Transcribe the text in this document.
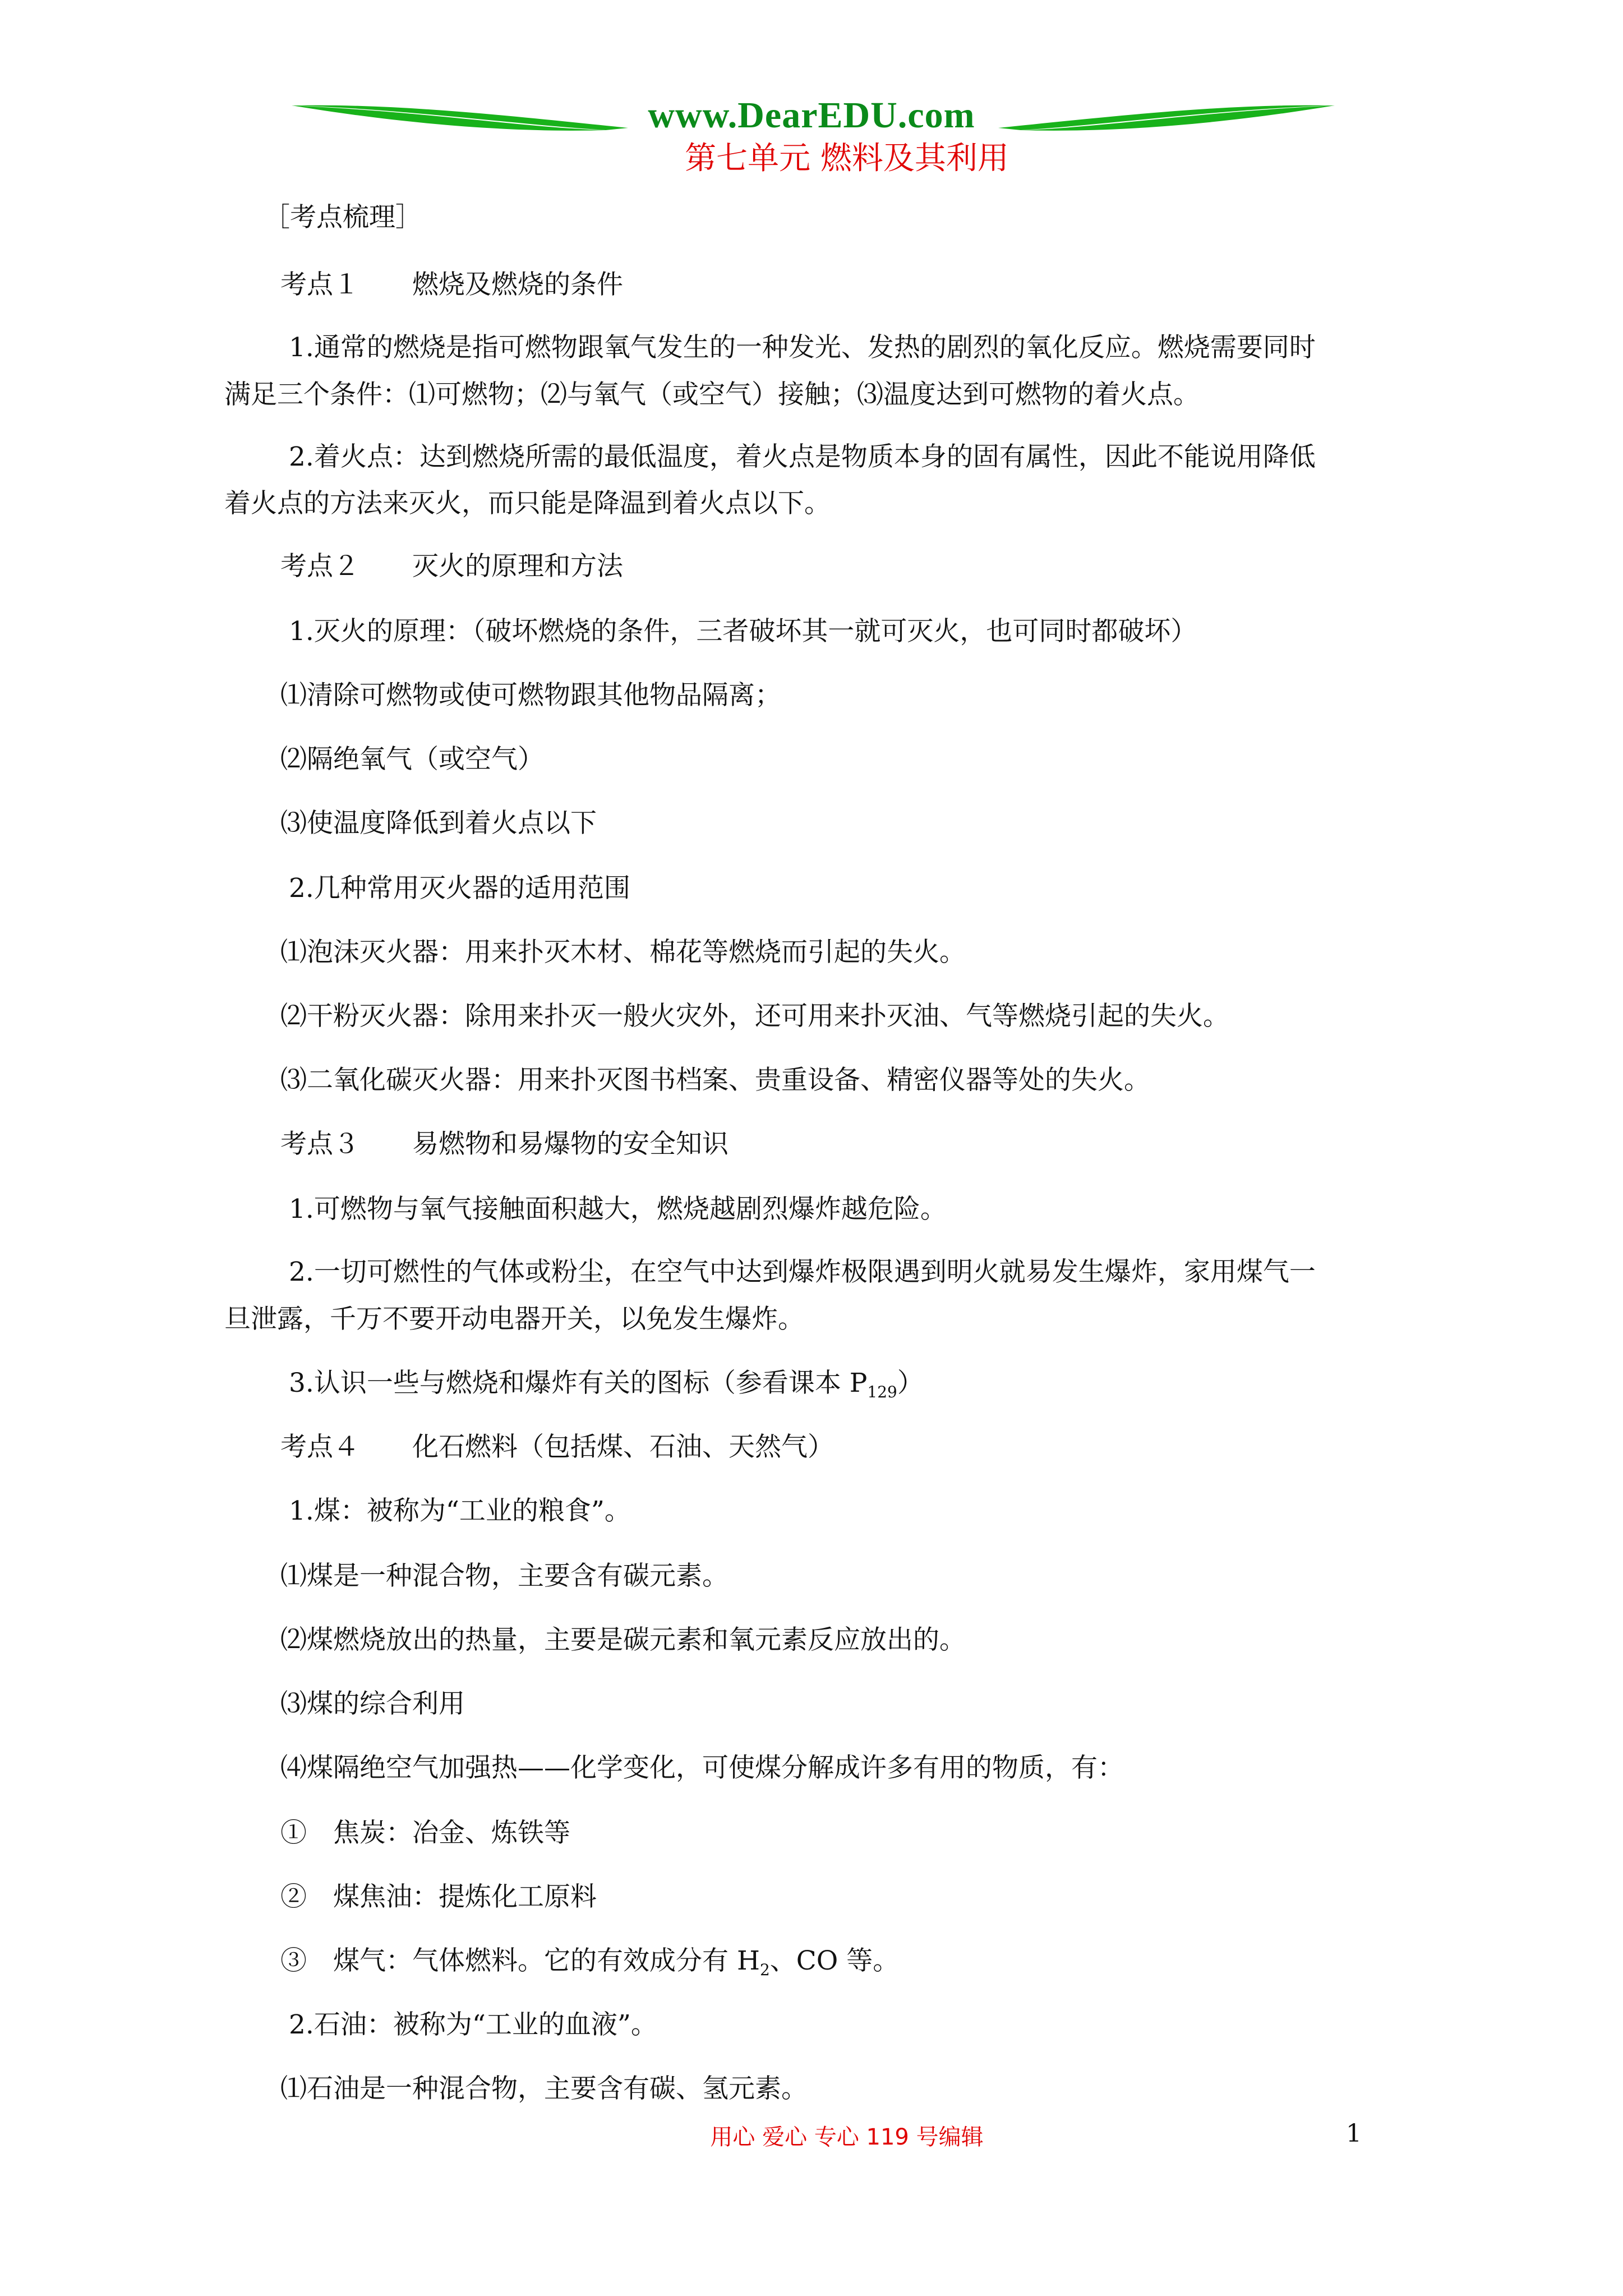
www.DearEDU.com
第七单元 燃料及其利用
［考点梳理］
考点１　　燃烧及燃烧的条件
1.通常的燃烧是指可燃物跟氧气发生的一种发光、发热的剧烈的氧化反应。燃烧需要同时
满足三个条件：⑴可燃物；⑵与氧气（或空气）接触；⑶温度达到可燃物的着火点。
2.着火点：达到燃烧所需的最低温度，着火点是物质本身的固有属性，因此不能说用降低
着火点的方法来灭火，而只能是降温到着火点以下。
考点２　　灭火的原理和方法
1.灭火的原理：（破坏燃烧的条件，三者破坏其一就可灭火，也可同时都破坏）
⑴清除可燃物或使可燃物跟其他物品隔离；
⑵隔绝氧气（或空气）
⑶使温度降低到着火点以下
2.几种常用灭火器的适用范围
⑴泡沫灭火器：用来扑灭木材、棉花等燃烧而引起的失火。
⑵干粉灭火器：除用来扑灭一般火灾外，还可用来扑灭油、气等燃烧引起的失火。
⑶二氧化碳灭火器：用来扑灭图书档案、贵重设备、精密仪器等处的失火。
考点３　　易燃物和易爆物的安全知识
1.可燃物与氧气接触面积越大，燃烧越剧烈爆炸越危险。
2.一切可燃性的气体或粉尘，在空气中达到爆炸极限遇到明火就易发生爆炸，家用煤气一
旦泄露，千万不要开动电器开关，以免发生爆炸。
3.认识一些与燃烧和爆炸有关的图标（参看课本 $P_{129}$）
考点４　　化石燃料（包括煤、石油、天然气）
1.煤：被称为“工业的粮食”。
⑴煤是一种混合物，主要含有碳元素。
⑵煤燃烧放出的热量，主要是碳元素和氧元素反应放出的。
⑶煤的综合利用
⑷煤隔绝空气加强热——化学变化，可使煤分解成许多有用的物质，有：
①　焦炭：冶金、炼铁等
②　煤焦油：提炼化工原料
③　煤气：气体燃料。它的有效成分有 $H_2$、CO 等。
2.石油：被称为“工业的血液”。
⑴石油是一种混合物，主要含有碳、氢元素。
用心 爱心 专心 119 号编辑	1
